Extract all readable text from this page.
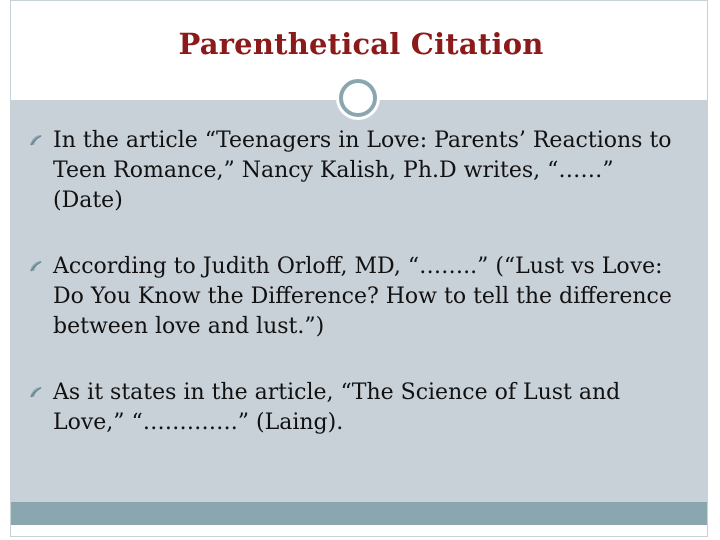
Parenthetical Citation
In the article “Teenagers in Love: Parents’ Reactions to Teen Romance,” Nancy Kalish, Ph.D writes, “……” (Date)
According to Judith Orloff, MD, “……..” (“Lust vs Love: Do You Know the Difference? How to tell the difference between love and lust.”)
As it states in the article, “The Science of Lust and Love,” “………….” (Laing).
